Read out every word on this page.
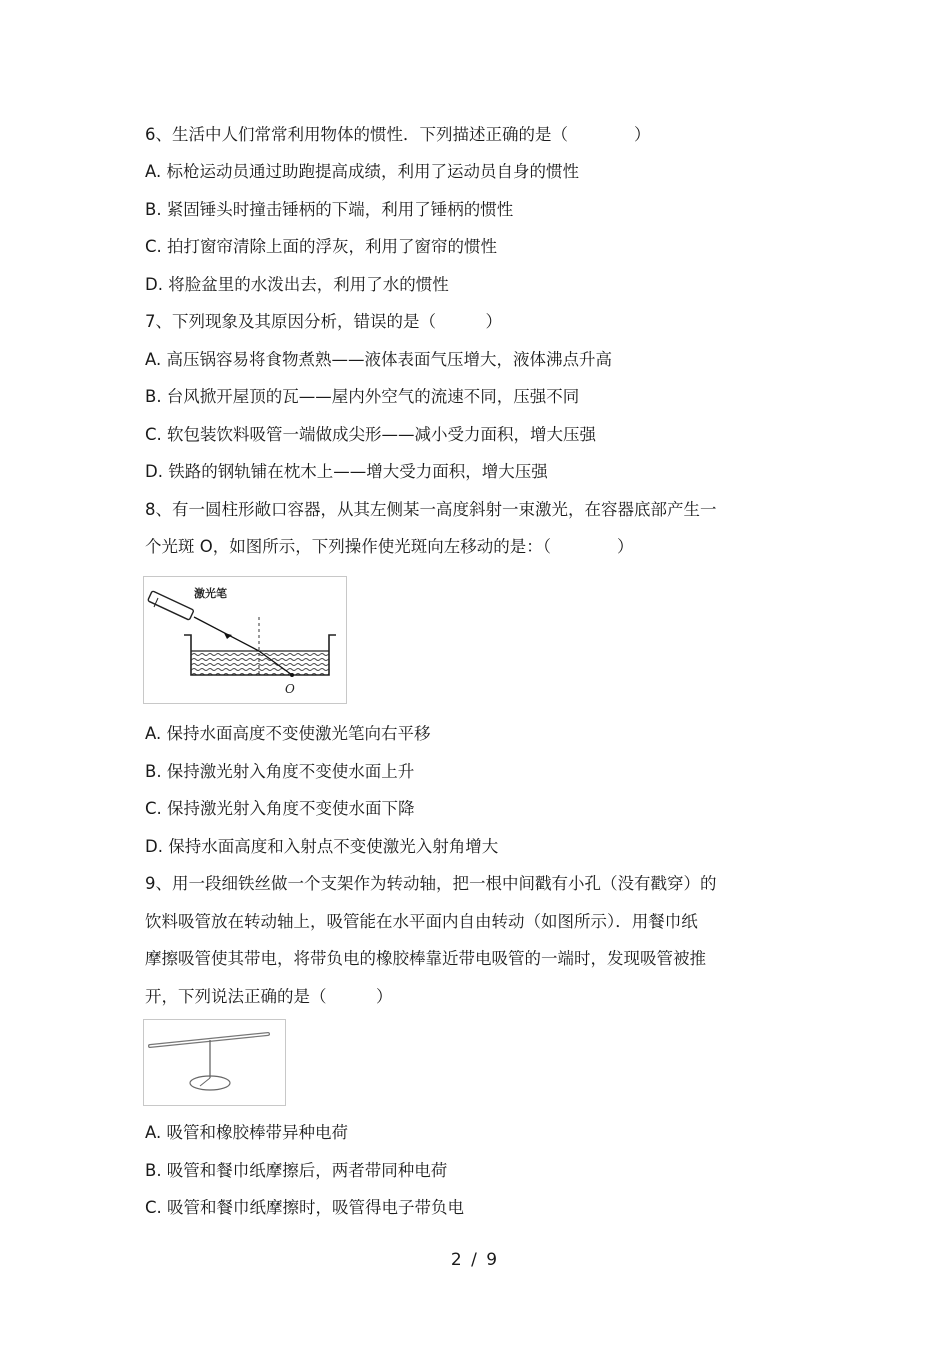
6、生活中人们常常利用物体的惯性．下列描述正确的是（　　　　）
A. 标枪运动员通过助跑提高成绩，利用了运动员自身的惯性
B. 紧固锤头时撞击锤柄的下端，利用了锤柄的惯性
C. 拍打窗帘清除上面的浮灰，利用了窗帘的惯性
D. 将脸盆里的水泼出去，利用了水的惯性
7、下列现象及其原因分析，错误的是（　　　）
A. 高压锅容易将食物煮熟——液体表面气压增大，液体沸点升高
B. 台风掀开屋顶的瓦——屋内外空气的流速不同，压强不同
C. 软包装饮料吸管一端做成尖形——减小受力面积，增大压强
D. 铁路的钢轨铺在枕木上——增大受力面积，增大压强
8、有一圆柱形敞口容器，从其左侧某一高度斜射一束激光，在容器底部产生一
个光斑 O，如图所示，下列操作使光斑向左移动的是：（　　　　）
激光笔
O
A. 保持水面高度不变使激光笔向右平移
B. 保持激光射入角度不变使水面上升
C. 保持激光射入角度不变使水面下降
D. 保持水面高度和入射点不变使激光入射角增大
9、用一段细铁丝做一个支架作为转动轴，把一根中间戳有小孔（没有戳穿）的
饮料吸管放在转动轴上，吸管能在水平面内自由转动（如图所示）．用餐巾纸
摩擦吸管使其带电，将带负电的橡胶棒靠近带电吸管的一端时，发现吸管被推
开，下列说法正确的是（　　　）
A. 吸管和橡胶棒带异种电荷
B. 吸管和餐巾纸摩擦后，两者带同种电荷
C. 吸管和餐巾纸摩擦时，吸管得电子带负电
2 / 9
